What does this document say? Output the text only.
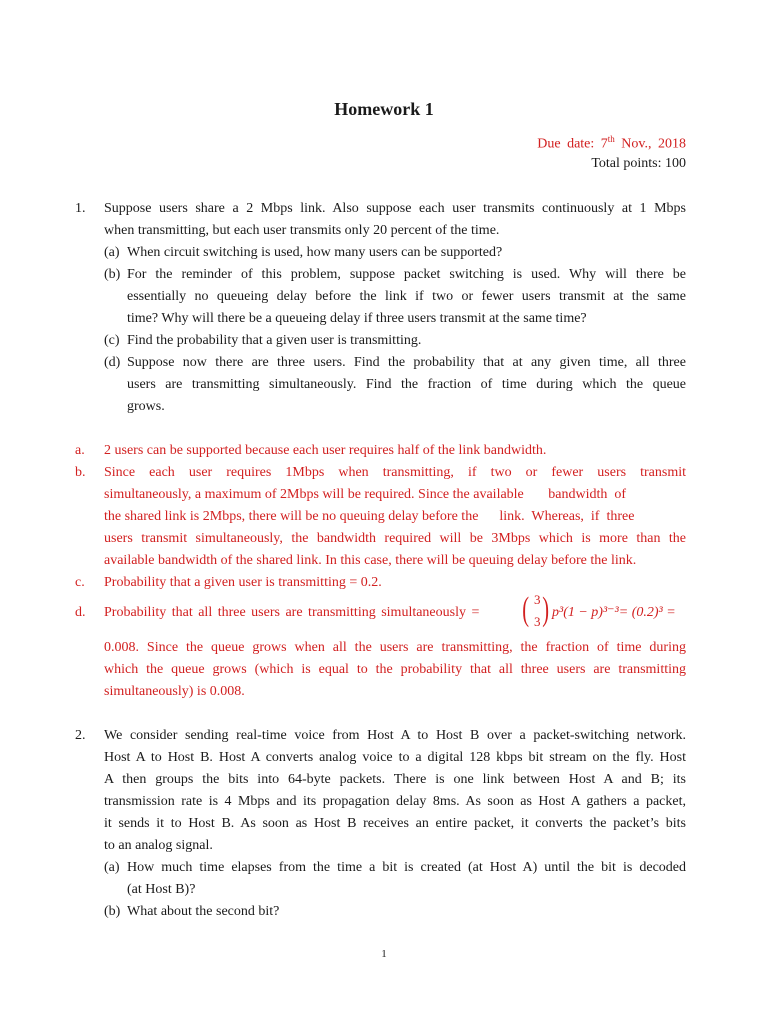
Homework 1
Due date: 7th Nov., 2018
Total points: 100
1. Suppose users share a 2 Mbps link. Also suppose each user transmits continuously at 1 Mbps
when transmitting, but each user transmits only 20 percent of the time.
(a) When circuit switching is used, how many users can be supported?
(b) For the reminder of this problem, suppose packet switching is used. Why will there be
essentially no queueing delay before the link if two or fewer users transmit at the same
time? Why will there be a queueing delay if three users transmit at the same time?
(c) Find the probability that a given user is transmitting.
(d) Suppose now there are three users. Find the probability that at any given time, all three
users are transmitting simultaneously. Find the fraction of time during which the queue
grows.
a. 2 users can be supported because each user requires half of the link bandwidth.
b. Since each user requires 1Mbps when transmitting, if two or fewer users transmit
simultaneously, a maximum of 2Mbps will be required. Since the available       bandwidth  of
the shared link is 2Mbps, there will be no queuing delay before the      link.  Whereas,  if  three
users transmit simultaneously, the bandwidth required will be 3Mbps which is more than the
available bandwidth of the shared link. In this case, there will be queuing delay before the link.
c. Probability that a given user is transmitting = 0.2.
d. Probability that all three users are transmitting simultaneously = ( 3
3 ) p³(1 − p)³⁻³= (0.2)³ =
0.008. Since the queue grows when all the users are transmitting, the fraction of time during
which the queue grows (which is equal to the probability that all three users are transmitting
simultaneously) is 0.008.
2. We consider sending real-time voice from Host A to Host B over a packet-switching network.
Host A to Host B. Host A converts analog voice to a digital 128 kbps bit stream on the fly. Host
A then groups the bits into 64-byte packets. There is one link between Host A and B; its
transmission rate is 4 Mbps and its propagation delay 8ms. As soon as Host A gathers a packet,
it sends it to Host B. As soon as Host B receives an entire packet, it converts the packet’s bits
to an analog signal.
(a) How much time elapses from the time a bit is created (at Host A) until the bit is decoded
(at Host B)?
(b) What about the second bit?
1
